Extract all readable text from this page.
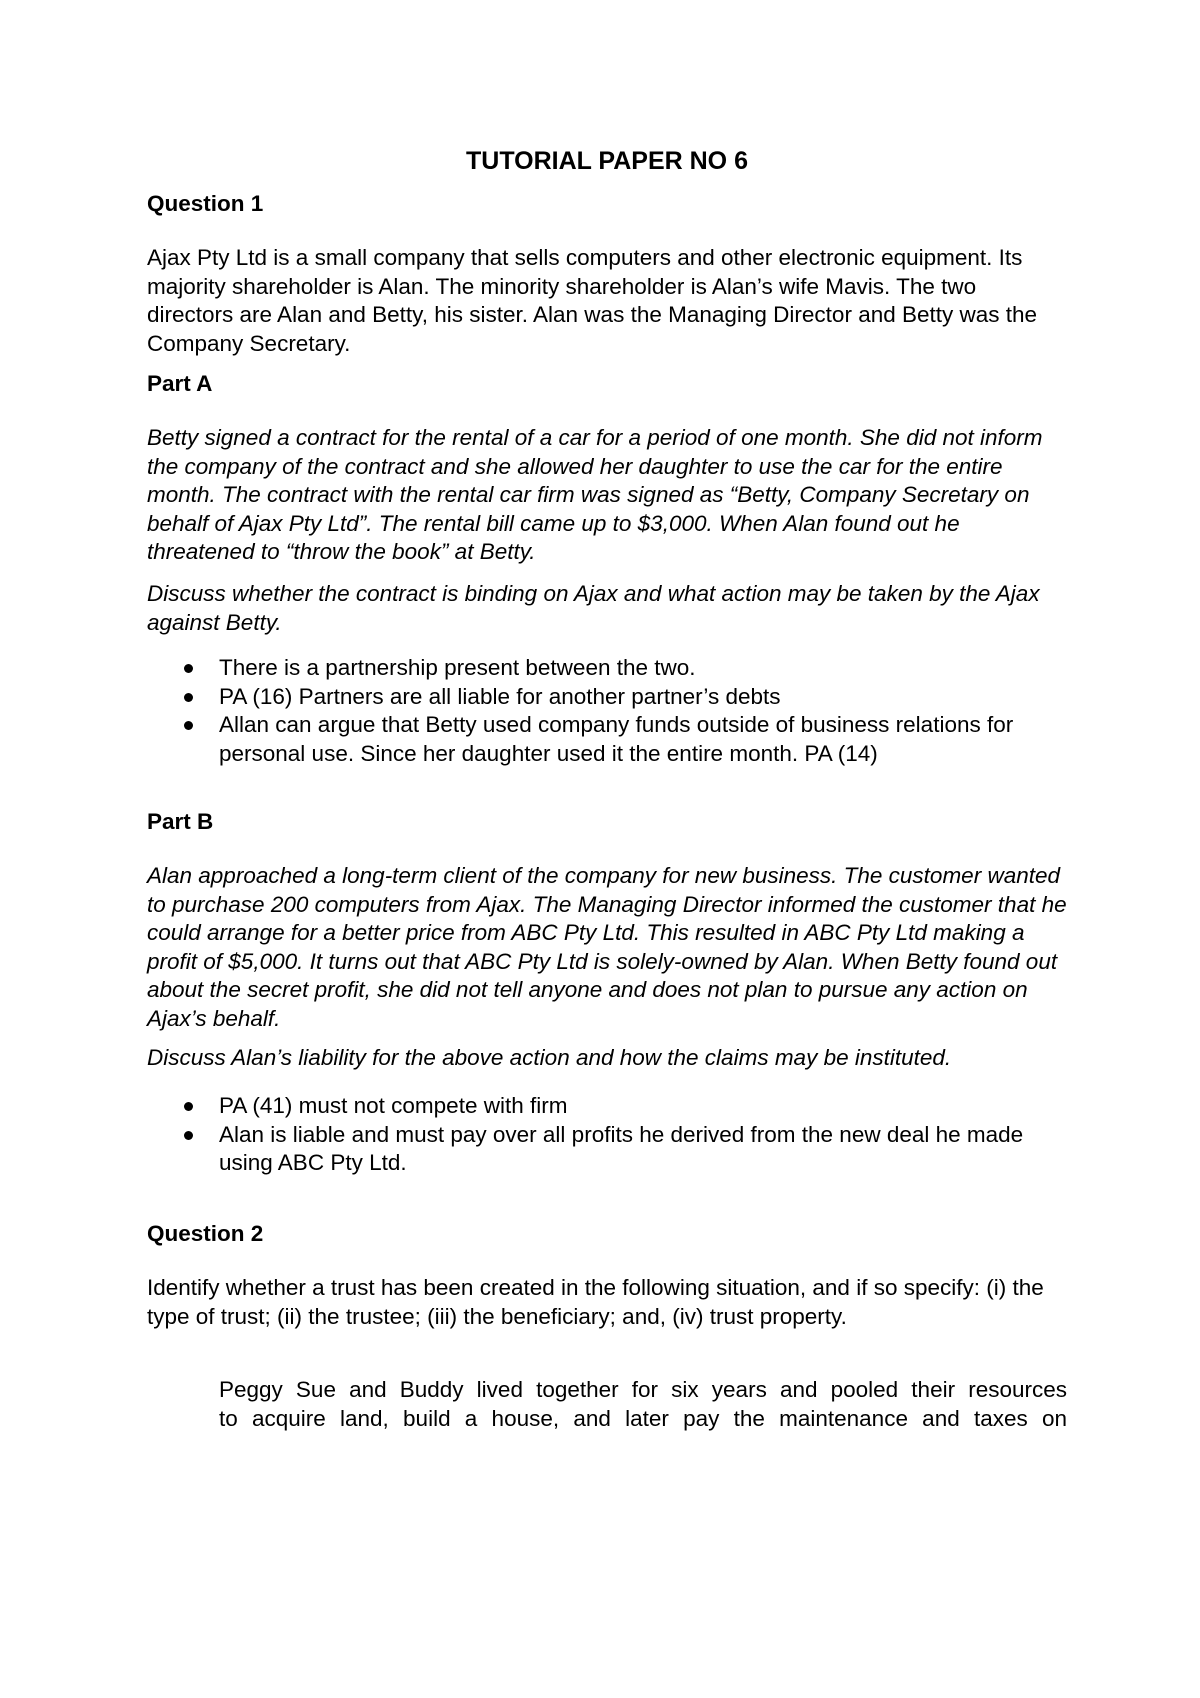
TUTORIAL PAPER NO 6

Question 1

Ajax Pty Ltd is a small company that sells computers and other electronic equipment. Its majority shareholder is Alan. The minority shareholder is Alan’s wife Mavis. The two directors are Alan and Betty, his sister. Alan was the Managing Director and Betty was the Company Secretary.

Part A

Betty signed a contract for the rental of a car for a period of one month. She did not inform the company of the contract and she allowed her daughter to use the car for the entire month. The contract with the rental car firm was signed as “Betty, Company Secretary on behalf of Ajax Pty Ltd”. The rental bill came up to $3,000. When Alan found out he threatened to “throw the book” at Betty.

Discuss whether the contract is binding on Ajax and what action may be taken by the Ajax against Betty.

There is a partnership present between the two.
PA (16) Partners are all liable for another partner’s debts
Allan can argue that Betty used company funds outside of business relations for personal use. Since her daughter used it the entire month. PA (14)

Part B

Alan approached a long-term client of the company for new business. The customer wanted to purchase 200 computers from Ajax. The Managing Director informed the customer that he could arrange for a better price from ABC Pty Ltd. This resulted in ABC Pty Ltd making a profit of $5,000. It turns out that ABC Pty Ltd is solely-owned by Alan. When Betty found out about the secret profit, she did not tell anyone and does not plan to pursue any action on Ajax’s behalf.

Discuss Alan’s liability for the above action and how the claims may be instituted.

PA (41) must not compete with firm
Alan is liable and must pay over all profits he derived from the new deal he made using ABC Pty Ltd.

Question 2

Identify whether a trust has been created in the following situation, and if so specify: (i) the type of trust; (ii) the trustee; (iii) the beneficiary; and, (iv) trust property.

Peggy Sue and Buddy lived together for six years and pooled their resources
to acquire land, build a house, and later pay the maintenance and taxes on
